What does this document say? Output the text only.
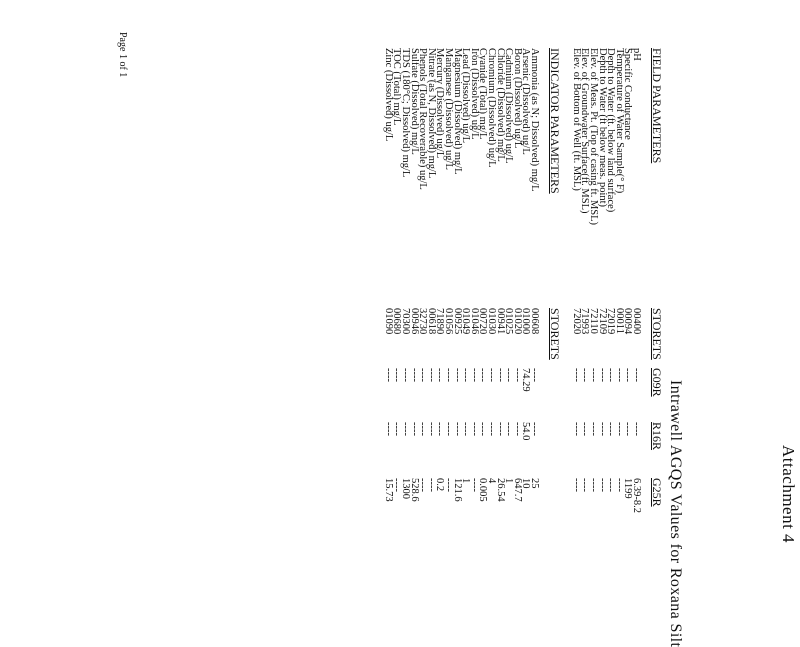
Page 1 of 1
Attachment 4
Intrawell AGQS Values for Roxana Silt
FIELD PARAMETERS
STORETS
G09R
R16R
G25R
pH
00400
----
----
6.39-8.2
Specific Conductance
00094
----
----
1199
Temperature of Water Sample(° F)
00011
----
----
----
Depth to Water (ft. below land surface)
72019
----
----
----
Depth to Water (ft below meas. point)
72109
----
----
----
Elev. of Meas. Pt. (Top of casing ft. MSL)
72110
----
----
----
Elev. of Groundwater Surface(ft. MSL)
71993
----
----
----
Elev. of Bottom of Well (ft. MSL)
72020
----
----
----
INDICATOR PARAMETERS
STORETS
Ammonia (as N; Dissolved) mg/L
00608
----
----
25
Arsenic (Dissolved) ug/L
01000
74.29
54.0
10
Boron (Dissolved) ug/L
01020
----
----
647.7
Cadmium (Dissolved) ug/L
01025
----
----
1
Chloride (Dissolved) mg/L
00941
----
----
26.54
Chromium (Dissolved) ug/L
01030
----
----
4
Cyanide (Total) mg/L
00720
----
----
0.005
Iron (Dissolved) ug/L
01046
----
----
----
Lead (Dissolved) ug/L
01049
----
----
1
Magnesium (Dissolved) mg/L
00925
----
----
121.6
Manganese (Dissolved) ug/L
01056
----
----
----
Mercury (Dissolved) ug/L
71890
----
----
0.2
Nitrate (as N, Dissolved) mg/L
00618
----
----
----
Phenols (Total Recoverable) ug/L
32730
----
----
----
Sulfate (Dissolved) mg/L
00946
----
----
528.6
TDS (180°C; Dissolved) mg/L
70300
----
----
1300
TOC (Total) mg/L
00680
----
----
----
Zinc (Dissolved) ug/L
01090
----
----
15.73
